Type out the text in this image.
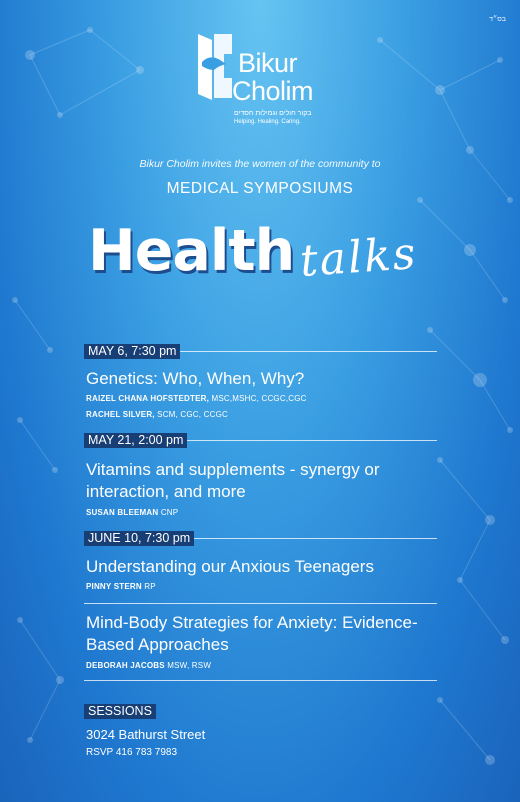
בס״ד
Bikur
Cholim
בקור חולים וגמילות חסדים
Helping. Healing. Caring.
Bikur Cholim invites the women of the community to
MEDICAL SYMPOSIUMS
Health talks
MAY 6, 7:30 pm
Genetics: Who, When, Why?
RAIZEL CHANA HOFSTEDTER, MSC,MSHC, CCGC,CGC
RACHEL SILVER, SCM, CGC, CCGC
MAY 21, 2:00 pm
Vitamins and supplements - synergy or interaction, and more
SUSAN BLEEMAN CNP
JUNE 10, 7:30 pm
Understanding our Anxious Teenagers
PINNY STERN RP
Mind-Body Strategies for Anxiety: Evidence-Based Approaches
DEBORAH JACOBS MSW, RSW
SESSIONS
3024 Bathurst Street
RSVP 416 783 7983
